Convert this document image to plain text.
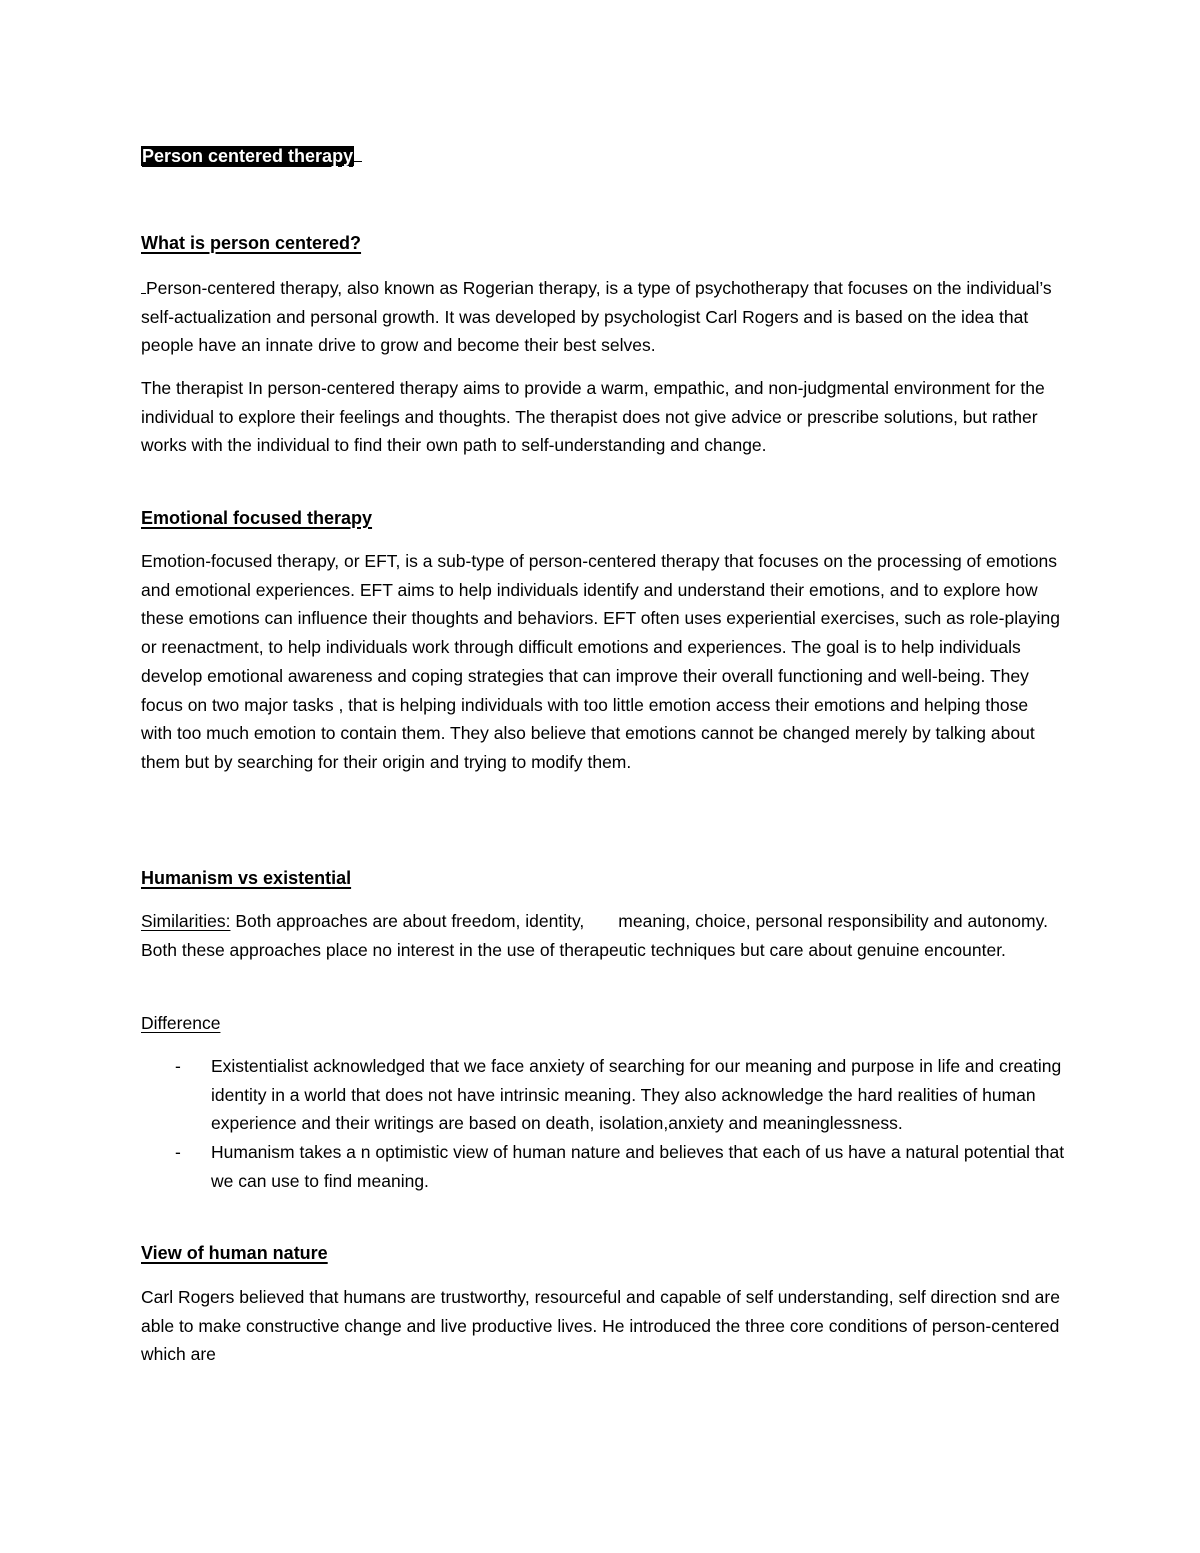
Person centered therapy

What is person centered?

Person-centered therapy, also known as Rogerian therapy, is a type of psychotherapy that focuses on the individual’s self-actualization and personal growth. It was developed by psychologist Carl Rogers and is based on the idea that people have an innate drive to grow and become their best selves.

The therapist In person-centered therapy aims to provide a warm, empathic, and non-judgmental environment for the individual to explore their feelings and thoughts. The therapist does not give advice or prescribe solutions, but rather works with the individual to find their own path to self-understanding and change.

Emotional focused therapy

Emotion-focused therapy, or EFT, is a sub-type of person-centered therapy that focuses on the processing of emotions and emotional experiences. EFT aims to help individuals identify and understand their emotions, and to explore how these emotions can influence their thoughts and behaviors. EFT often uses experiential exercises, such as role-playing or reenactment, to help individuals work through difficult emotions and experiences. The goal is to help individuals develop emotional awareness and coping strategies that can improve their overall functioning and well-being. They focus on two major tasks , that is helping individuals with too little emotion access their emotions and helping those with too much emotion to contain them. They also believe that emotions cannot be changed merely by talking about them but by searching for their origin and trying to modify them.

Humanism vs existential

Similarities: Both approaches are about freedom, identity,       meaning, choice, personal responsibility and autonomy.  Both these approaches place no interest in the use of therapeutic techniques but care about genuine encounter.

Difference

- Existentialist acknowledged that we face anxiety of searching for our meaning and purpose in life and creating identity in a world that does not have intrinsic meaning. They also acknowledge the hard realities of human experience and their writings are based on death, isolation,anxiety and meaninglessness.
- Humanism takes a n optimistic view of human nature and believes that each of us have a natural potential that we can use to find meaning.

View of human nature

Carl Rogers believed that humans are trustworthy, resourceful and capable of self understanding, self direction snd are able to make constructive change and live productive lives. He introduced the three core conditions of person-centered which are
